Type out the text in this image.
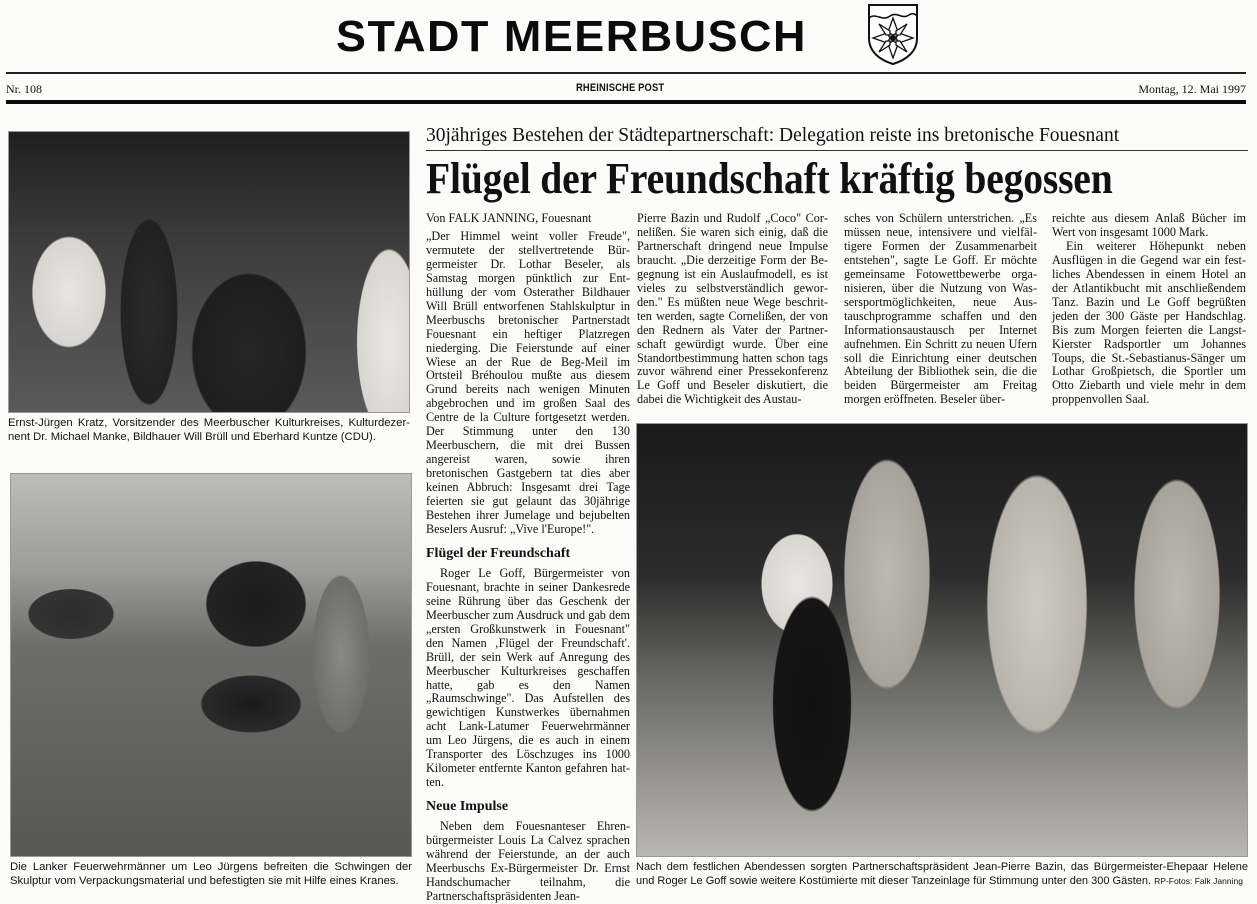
STADT MEERBUSCH
Nr. 108	RHEINISCHE POST	Montag, 12. Mai 1997
Ernst-Jürgen Kratz, Vorsitzender des Meerbuscher Kulturkreises, Kulturdezernent Dr. Michael Manke, Bildhauer Will Brüll und Eberhard Kuntze (CDU).
Die Lanker Feuerwehrmänner um Leo Jürgens befreiten die Schwingen der Skulptur vom Verpackungsmaterial und befestigten sie mit Hilfe eines Kranes.
30jähriges Bestehen der Städtepartnerschaft: Delegation reiste ins bretonische Fouesnant
Flügel der Freundschaft kräftig begossen

Von FALK JANNING, Fouesnant

„Der Himmel weint voller Freude", vermutete der stellvertretende Bürgermeister Dr. Lothar Beseler, als Samstag morgen pünktlich zur Enthüllung der vom Osterather Bildhauer Will Brüll entworfenen Stahlskulptur in Meerbuschs bretonischer Partnerstadt Fouesnant ein heftiger Platzregen niederging. Die Feierstunde auf einer Wiese an der Rue de Beg-Meil im Ortsteil Bréhoulou mußte aus diesem Grund bereits nach wenigen Minuten abgebrochen und im großen Saal des Centre de la Culture fortgesetzt werden. Der Stimmung unter den 130 Meerbuschern, die mit drei Bussen angereist waren, sowie ihren bretonischen Gastgebern tat dies aber keinen Abbruch: Insgesamt drei Tage feierten sie gut gelaunt das 30jährige Bestehen ihrer Jumelage und bejubelten Beselers Ausruf: „Vive l'Europe!".

Flügel der Freundschaft

Roger Le Goff, Bürgermeister von Fouesnant, brachte in seiner Dankesrede seine Rührung über das Geschenk der Meerbuscher zum Ausdruck und gab dem „ersten Großkunstwerk in Fouesnant" den Namen ‚Flügel der Freundschaft'. Brüll, der sein Werk auf Anregung des Meerbuscher Kulturkreises geschaffen hatte, gab es den Namen „Raumschwinge". Das Aufstellen des gewichtigen Kunstwerkes übernahmen acht Lank-Latumer Feuerwehrmänner um Leo Jürgens, die es auch in einem Transporter des Löschzuges ins 1000 Kilometer entfernte Kanton gefahren hatten.

Neue Impulse

Neben dem Fouesnanteser Ehrenbürgermeister Louis La Calvez sprachen während der Feierstunde, an der auch Meerbuschs Ex-Bürgermeister Dr. Ernst Handschumacher teilnahm, die Partnerschaftspräsidenten Jean-

Pierre Bazin und Rudolf „Coco" Cornelißen. Sie waren sich einig, daß die Partnerschaft dringend neue Impulse braucht. „Die derzeitige Form der Begegnung ist ein Auslaufmodell, es ist vieles zu selbstverständlich geworden." Es müßten neue Wege beschritten werden, sagte Cornelißen, der von den Rednern als Vater der Partnerschaft gewürdigt wurde. Über eine Standortbestimmung hatten schon tags zuvor während einer Pressekonferenz Le Goff und Beseler diskutiert, die dabei die Wichtigkeit des Austau-

sches von Schülern unterstrichen. „Es müssen neue, intensivere und vielfältigere Formen der Zusammenarbeit entstehen", sagte Le Goff. Er möchte gemeinsame Fotowettbewerbe organisieren, über die Nutzung von Wassersportmöglichkeiten, neue Austauschprogramme schaffen und den Informationsaustausch per Internet aufnehmen. Ein Schritt zu neuen Ufern soll die Einrichtung einer deutschen Abteilung der Bibliothek sein, die die beiden Bürgermeister am Freitag morgen eröffneten. Beseler über-

reichte aus diesem Anlaß Bücher im Wert von insgesamt 1000 Mark.

Ein weiterer Höhepunkt neben Ausflügen in die Gegend war ein festliches Abendessen in einem Hotel an der Atlantikbucht mit anschließendem Tanz. Bazin und Le Goff begrüßten jeden der 300 Gäste per Handschlag. Bis zum Morgen feierten die Langst-Kierster Radsportler um Johannes Toups, die St.-Sebastianus-Sänger um Lothar Großpietsch, die Sportler um Otto Ziebarth und viele mehr in dem proppenvollen Saal.

Nach dem festlichen Abendessen sorgten Partnerschaftspräsident Jean-Pierre Bazin, das Bürgermeister-Ehepaar Helene und Roger Le Goff sowie weitere Kostümierte mit dieser Tanzeinlage für Stimmung unter den 300 Gästen. RP-Fotos: Falk Janning
